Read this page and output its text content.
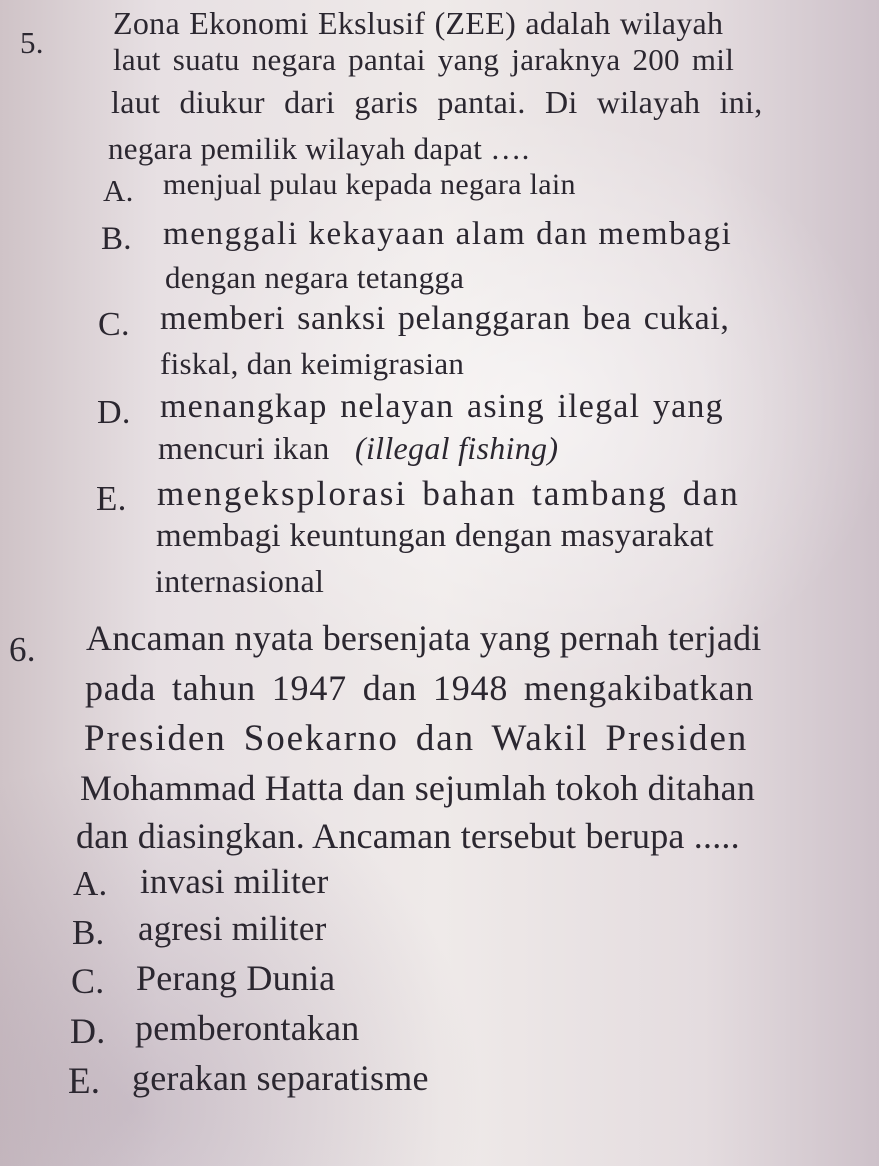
5.
Zona Ekonomi Ekslusif (ZEE) adalah wilayah
laut suatu negara pantai yang jaraknya 200 mil
laut diukur dari garis pantai. Di wilayah ini,
negara pemilik wilayah dapat ….
A. menjual pulau kepada negara lain
B. menggali kekayaan alam dan membagi
dengan negara tetangga
C. memberi sanksi pelanggaran bea cukai,
fiskal, dan keimigrasian
D. menangkap nelayan asing ilegal yang
mencuri ikan (illegal fishing)
E. mengeksplorasi bahan tambang dan
membagi keuntungan dengan masyarakat
internasional
6. Ancaman nyata bersenjata yang pernah terjadi
pada tahun 1947 dan 1948 mengakibatkan
Presiden Soekarno dan Wakil Presiden
Mohammad Hatta dan sejumlah tokoh ditahan
dan diasingkan. Ancaman tersebut berupa .....
A. invasi militer
B. agresi militer
C. Perang Dunia
D. pemberontakan
E. gerakan separatisme
